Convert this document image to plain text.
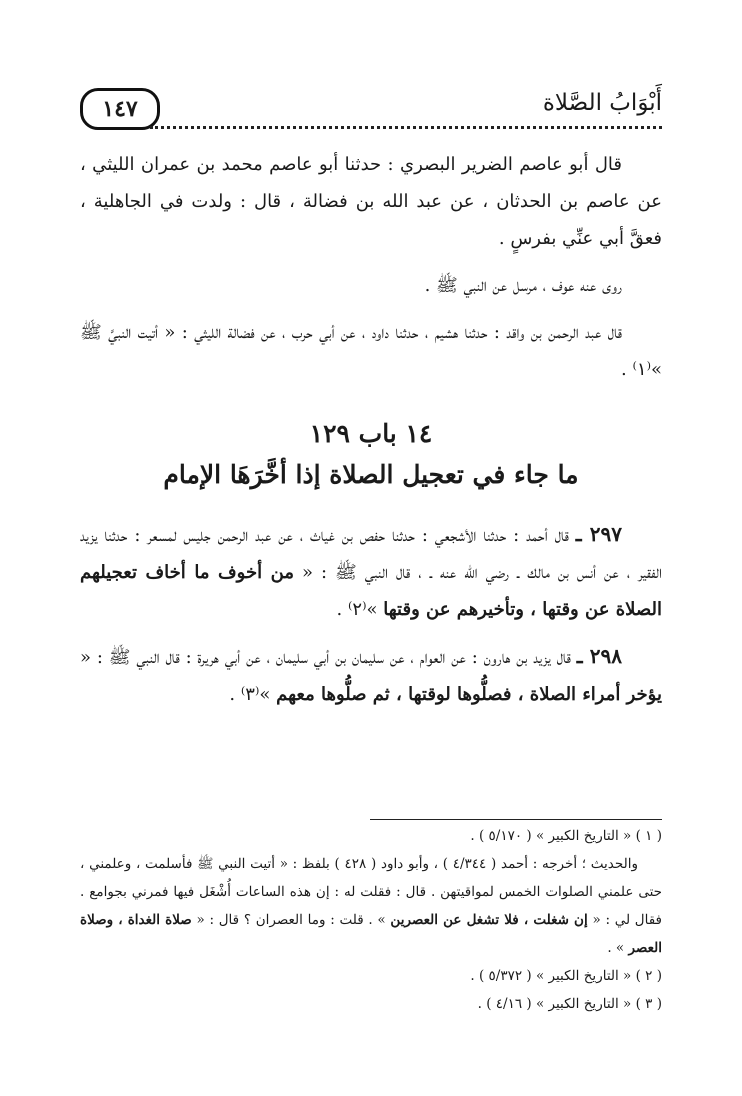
أَبْوَابُ الصَّلاة
١٤٧

قال أبو عاصم الضرير البصري : حدثنا أبو عاصم محمد بن عمران الليثي ، عن عاصم بن الحدثان ، عن عبد الله بن فضالة ، قال : ولدت في الجاهلية ، فعقَّ أبي عنِّي بفرسٍ .

روى عنه عوف ، مرسل عن النبي ﷺ .

قال عبد الرحمن بن واقد : حدثنا هشيم ، حدثنا داود ، عن أبي حرب ، عن فضالة الليثي : « أتيت النبيَّ ﷺ »⁽١⁾ .

١٤ باب ١٢٩

ما جاء في تعجيل الصلاة إذا أخَّرَهَا الإمام

٢٩٧ ـ قال أحمد : حدثنا الأشجعي : حدثنا حفص بن غياث ، عن عبد الرحمن جليس لمسعر : حدثنا يزيد الفقير ، عن أنس بن مالك ـ رضي الله عنه ـ ، قال النبي ﷺ : « من أخوف ما أخاف تعجيلهم الصلاة عن وقتها ، وتأخيرهم عن وقتها »⁽٢⁾ .

٢٩٨ ـ قال يزيد بن هارون : عن العوام ، عن سليمان بن أبي سليمان ، عن أبي هريرة : قال النبي ﷺ : « يؤخر أمراء الصلاة ، فصلُّوها لوقتها ، ثم صلُّوها معهم »⁽٣⁾ .

( ١ ) « التاريخ الكبير » ( ٥/١٧٠ ) .

والحديث ؛ أخرجه : أحمد ( ٤/٣٤٤ ) ، وأبو داود ( ٤٢٨ ) بلفظ : « أتيت النبي ﷺ فأسلمت ، وعلمني ، حتى علمني الصلوات الخمس لمواقيتهن . قال : فقلت له : إن هذه الساعات أُشْغَل فيها فمرني بجوامع . فقال لي : « إن شغلت ، فلا تشغل عن العصرين » . قلت : وما العصران ؟ قال : « صلاة الغداة ، وصلاة العصر » .

( ٢ ) « التاريخ الكبير » ( ٥/٣٧٢ ) .

( ٣ ) « التاريخ الكبير » ( ٤/١٦ ) .
